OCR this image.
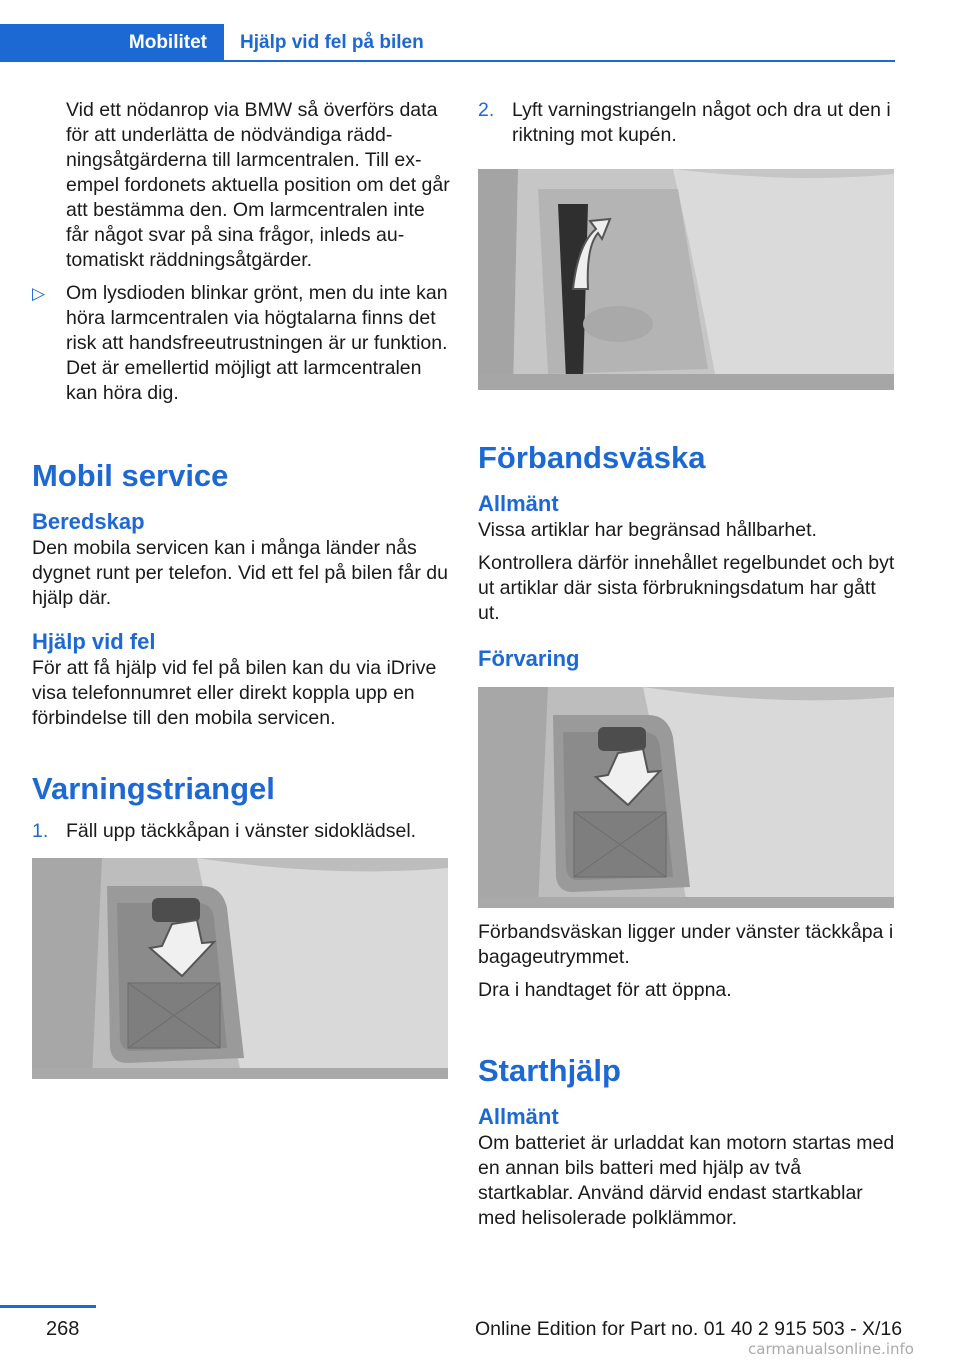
Mobilitet	Hjälp vid fel på bilen

Vid ett nödanrop via BMW så överförs data för att underlätta de nödvändiga räddningsåtgärderna till larmcentralen. Till exempel fordonets aktuella position om det går att bestämma den. Om larmcentralen inte får något svar på sina frågor, inleds automatiskt räddningsåtgärder.

▷ Om lysdioden blinkar grönt, men du inte kan höra larmcentralen via högtalarna finns det risk att handsfreeutrustningen är ur funktion. Det är emellertid möjligt att larmcentralen kan höra dig.
Mobil service
Beredskap

Den mobila servicen kan i många länder nås dygnet runt per telefon. Vid ett fel på bilen får du hjälp där.

Hjälp vid fel

För att få hjälp vid fel på bilen kan du via iDrive visa telefonnumret eller direkt koppla upp en förbindelse till den mobila servicen.

Varningstriangel
1. Fäll upp täckkåpan i vänster sidoklädsel.
2. Lyft varningstriangeln något och dra ut den i riktning mot kupén.
Förbandsväska
Allmänt

Vissa artiklar har begränsad hållbarhet.

Kontrollera därför innehållet regelbundet och byt ut artiklar där sista förbrukningsdatum har gått ut.

Förvaring

Förbandsväskan ligger under vänster täckkåpa i bagageutrymmet.

Dra i handtaget för att öppna.

Starthjälp
Allmänt

Om batteriet är urladdat kan motorn startas med en annan bils batteri med hjälp av två startkablar. Använd därvid endast startkablar med helisolerade polklämmor.

268	Online Edition for Part no. 01 40 2 915 503 - X/16
carmanualsonline.info
